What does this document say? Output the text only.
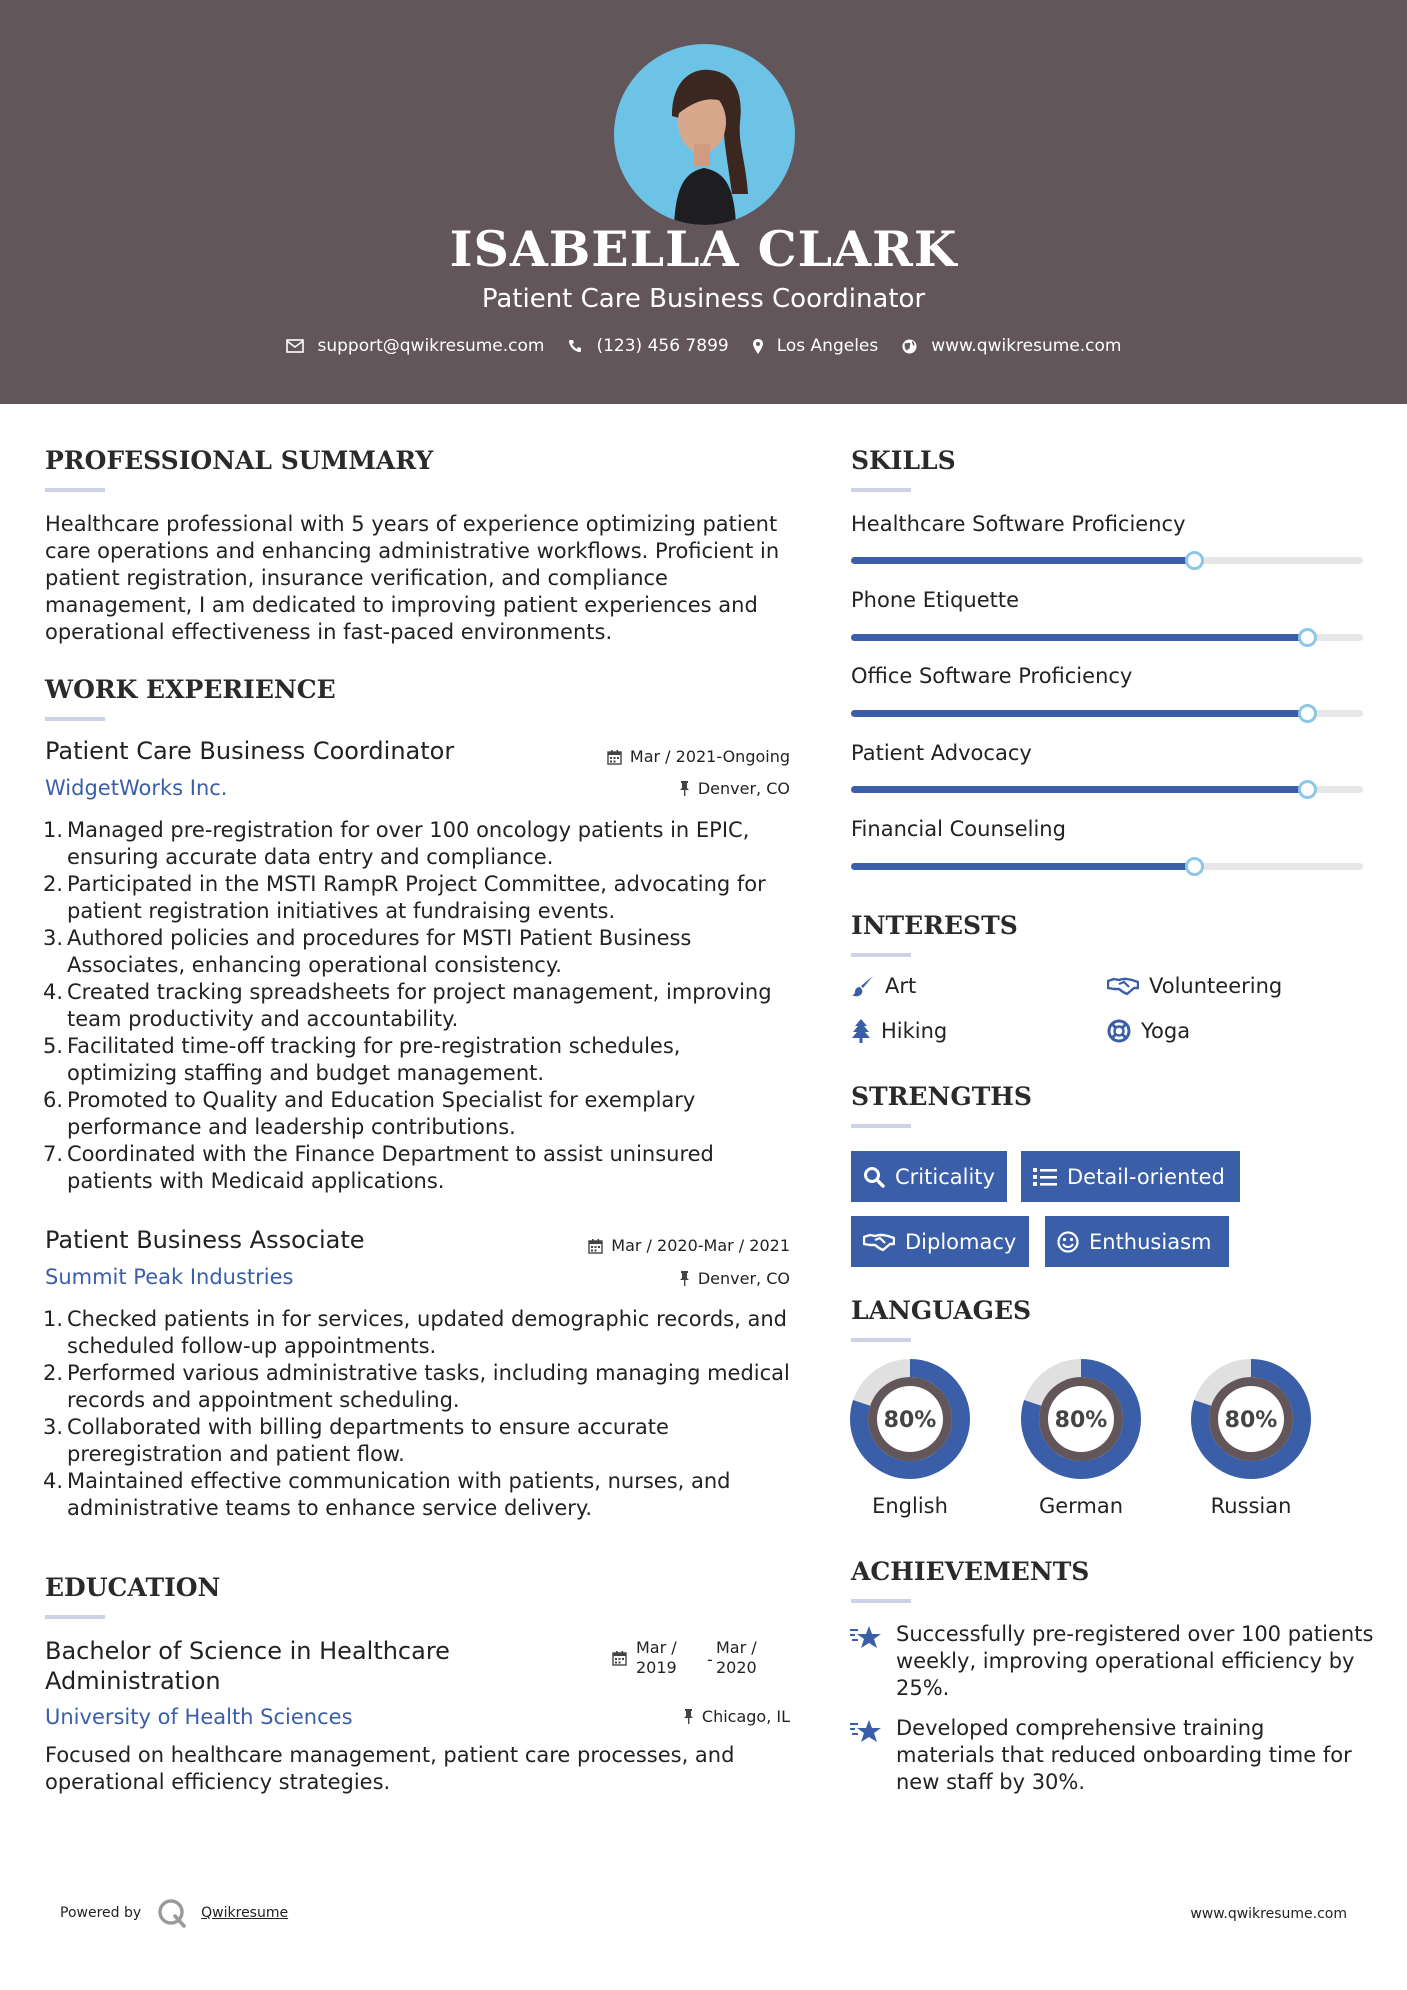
ISABELLA CLARK
Patient Care Business Coordinator
support@qwikresume.com	(123) 456 7899	Los Angeles	www.qwikresume.com
PROFESSIONAL SUMMARY
Healthcare professional with 5 years of experience optimizing patient
care operations and enhancing administrative workflows. Proficient in
patient registration, insurance verification, and compliance
management, I am dedicated to improving patient experiences and
operational effectiveness in fast-paced environments.
WORK EXPERIENCE
Patient Care Business Coordinator	Mar / 2021-Ongoing
WidgetWorks Inc.	Denver, CO
1. Managed pre-registration for over 100 oncology patients in EPIC,
ensuring accurate data entry and compliance.
2. Participated in the MSTI RampR Project Committee, advocating for
patient registration initiatives at fundraising events.
3. Authored policies and procedures for MSTI Patient Business
Associates, enhancing operational consistency.
4. Created tracking spreadsheets for project management, improving
team productivity and accountability.
5. Facilitated time-off tracking for pre-registration schedules,
optimizing staffing and budget management.
6. Promoted to Quality and Education Specialist for exemplary
performance and leadership contributions.
7. Coordinated with the Finance Department to assist uninsured
patients with Medicaid applications.
Patient Business Associate	Mar / 2020-Mar / 2021
Summit Peak Industries	Denver, CO
1. Checked patients in for services, updated demographic records, and
scheduled follow-up appointments.
2. Performed various administrative tasks, including managing medical
records and appointment scheduling.
3. Collaborated with billing departments to ensure accurate
preregistration and patient flow.
4. Maintained effective communication with patients, nurses, and
administrative teams to enhance service delivery.
EDUCATION
Bachelor of Science in Healthcare
Administration
Mar /
2019 -
Mar /
2020
University of Health Sciences	Chicago, IL
Focused on healthcare management, patient care processes, and
operational efficiency strategies.
SKILLS
Healthcare Software Proficiency
Phone Etiquette
Office Software Proficiency
Patient Advocacy
Financial Counseling
INTERESTS
Art	Volunteering
Hiking	Yoga
STRENGTHS
Criticality	Detail-oriented
Diplomacy	Enthusiasm
LANGUAGES
80%	80%	80%
English	German	Russian
ACHIEVEMENTS
Successfully pre-registered over 100 patients
weekly, improving operational efficiency by
25%.
Developed comprehensive training
materials that reduced onboarding time for
new staff by 30%.
Powered by	Qwikresume	www.qwikresume.com
